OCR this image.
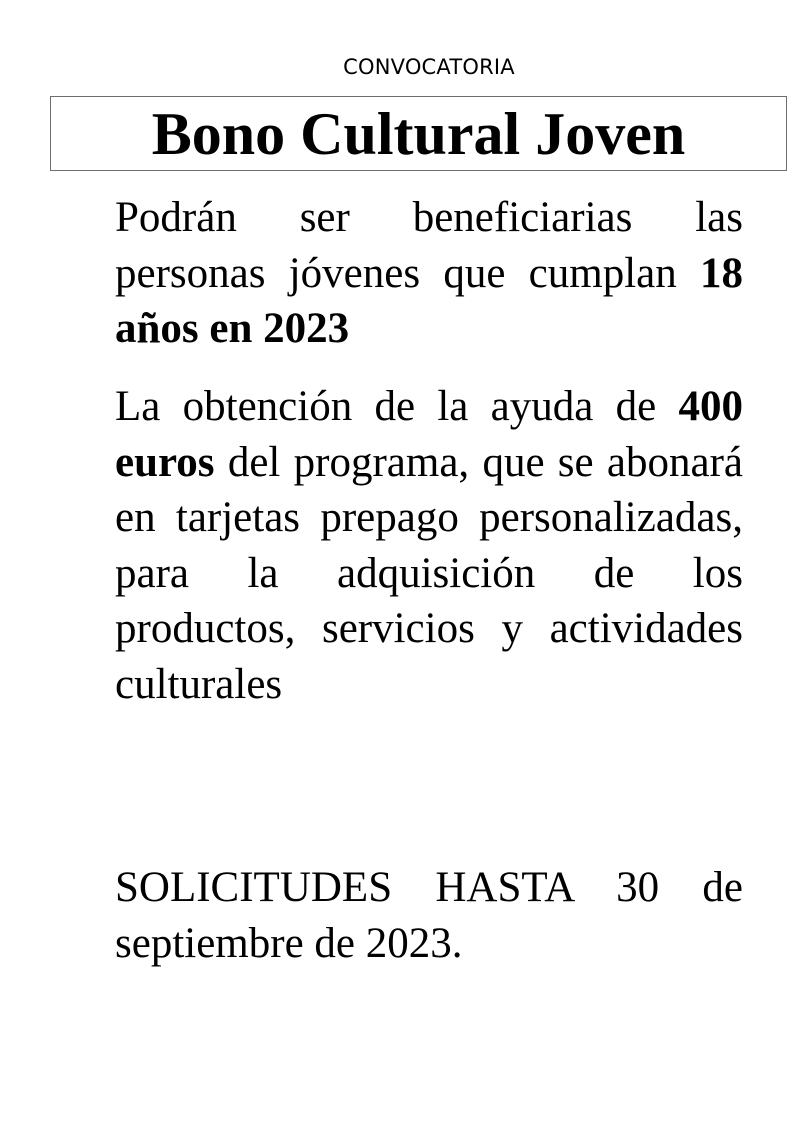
CONVOCATORIA
Bono Cultural Joven

Podrán ser beneficiarias las personas jóvenes que cumplan 18 años en 2023

La obtención de la ayuda de 400 euros del programa, que se abonará en tarjetas prepago personalizadas, para la adquisición de los productos, servicios y actividades culturales

SOLICITUDES HASTA 30 de septiembre de 2023.
